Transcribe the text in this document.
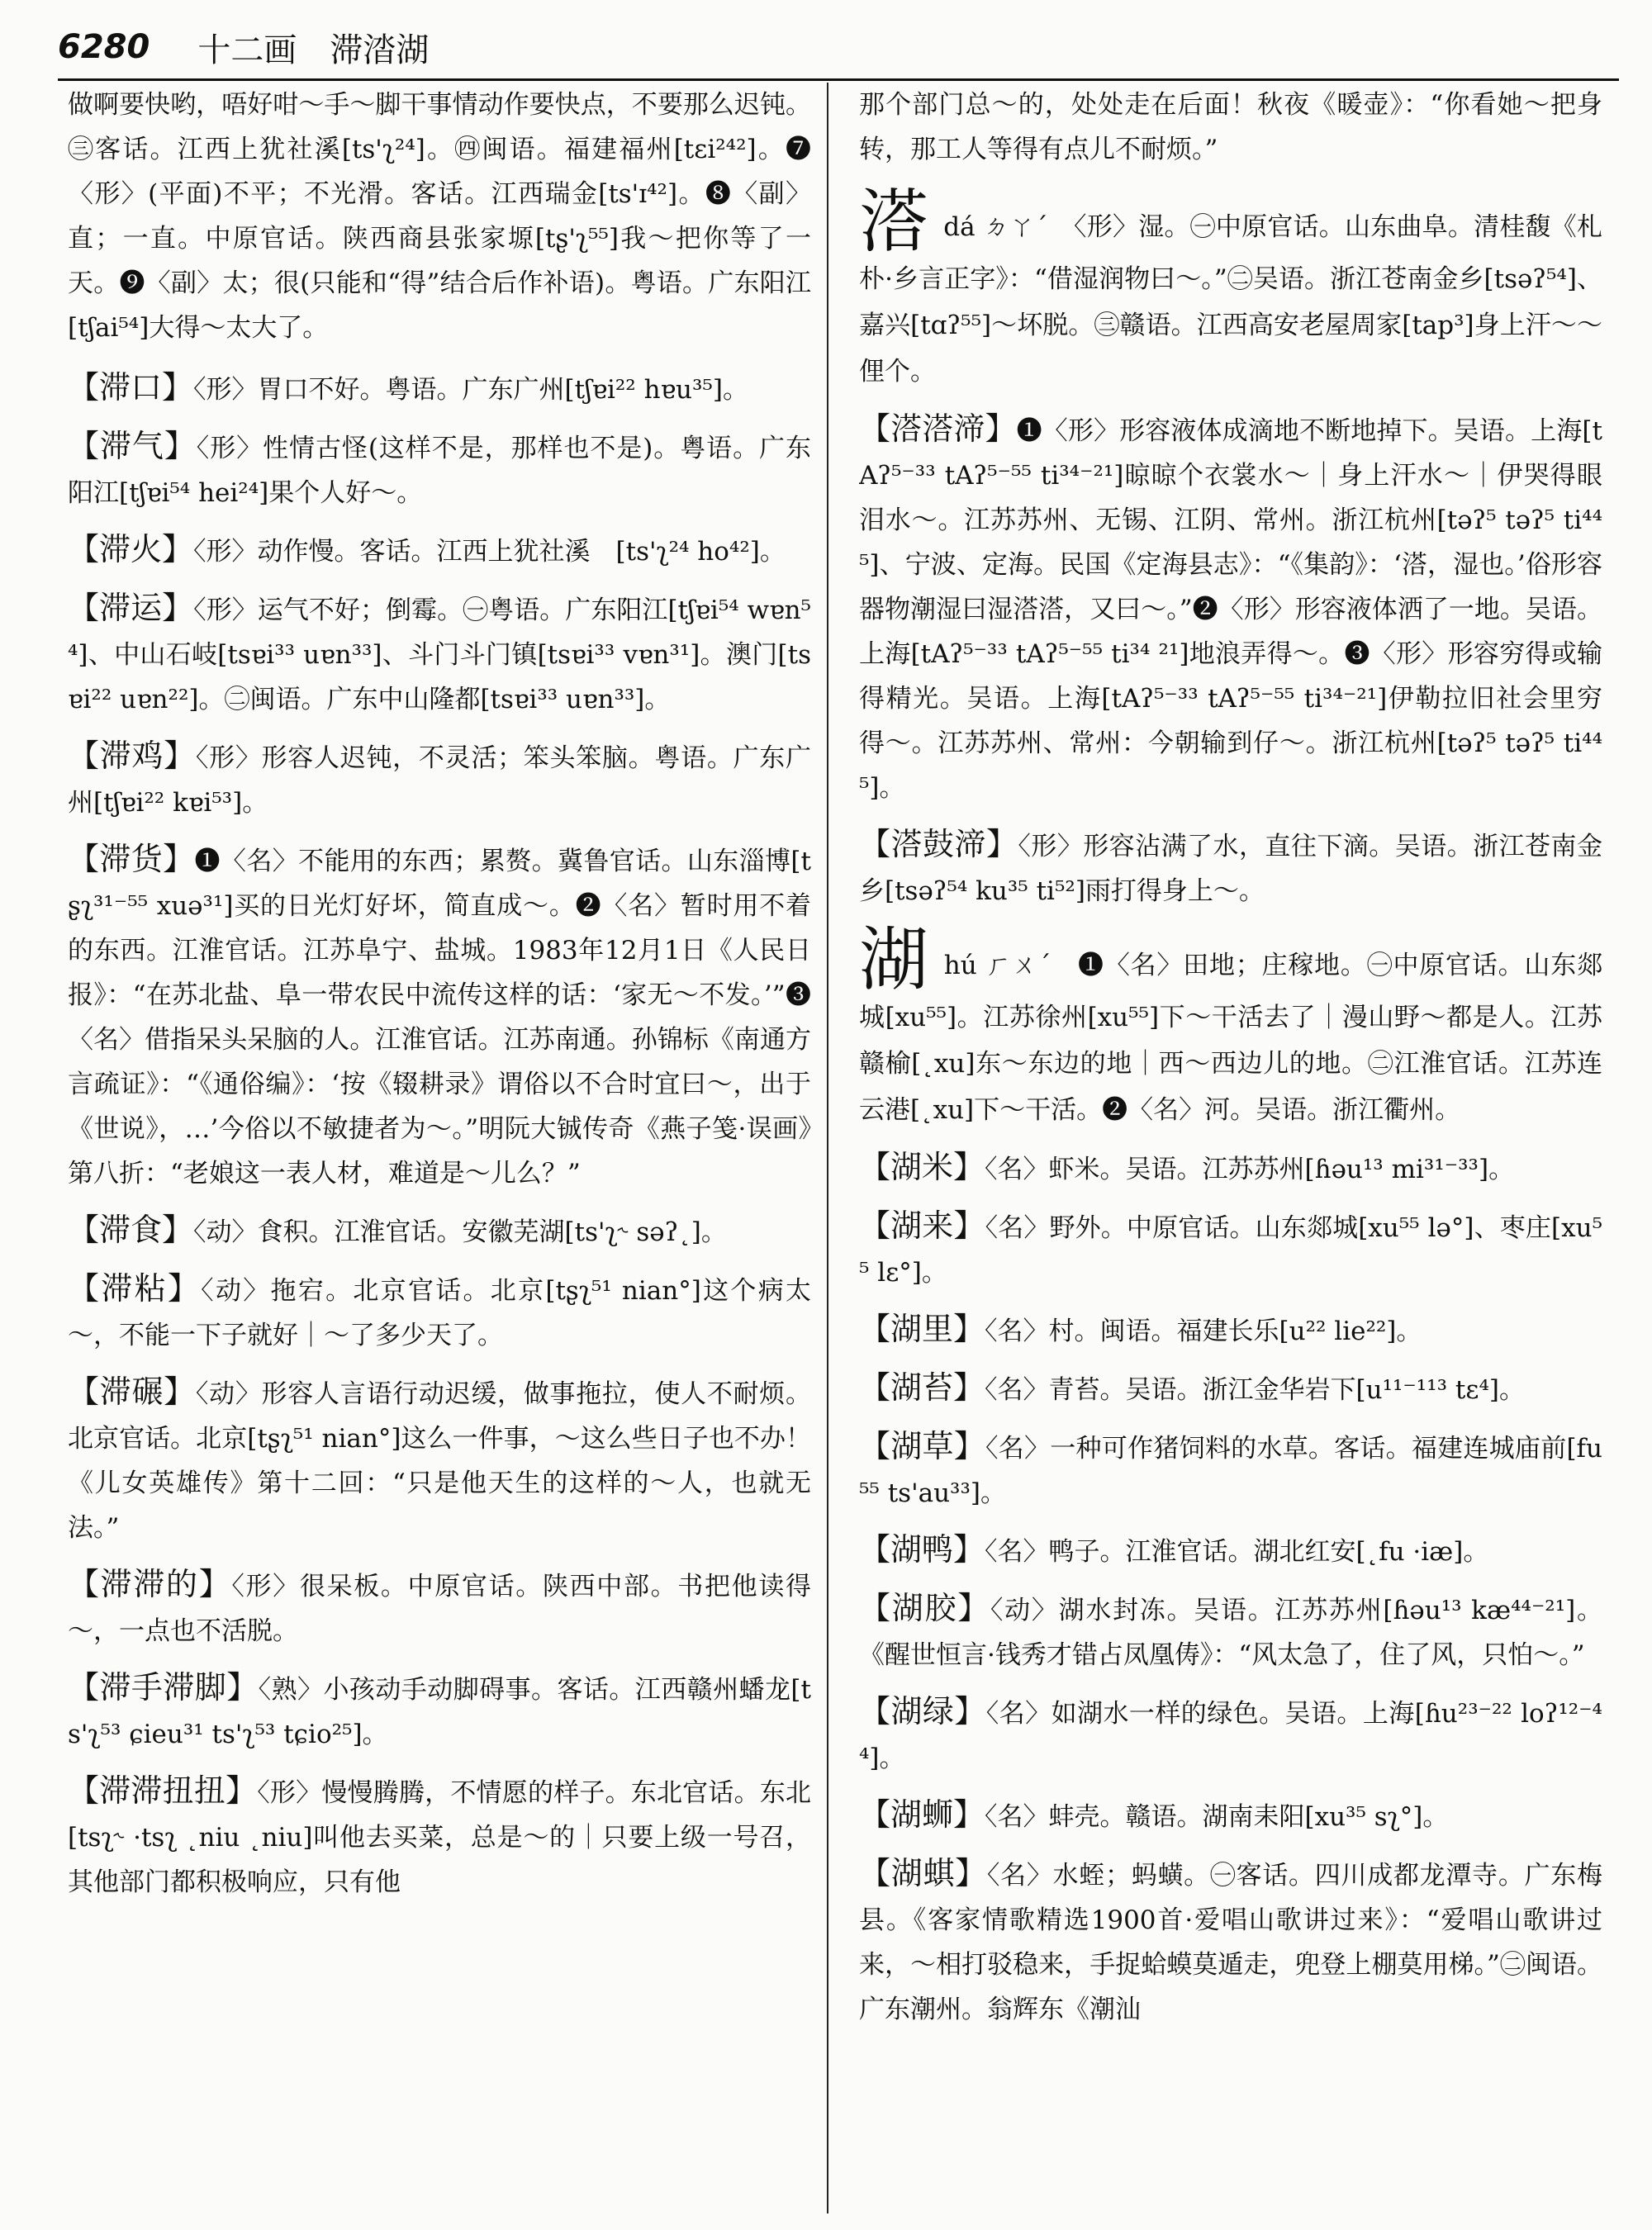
6280 十二画　滞涾湖

做啊要快哟，唔好咁～手～脚干事情动作要快点，不要那么迟钝。㊂客话。江西上犹社溪[ts'ʅ²⁴]。㊃闽语。福建福州[tɛi²⁴²]。❼〈形〉(平面)不平；不光滑。客话。江西瑞金[ts'ɪ⁴²]。❽〈副〉直；一直。中原官话。陕西商县张家塬[tʂ'ʅ⁵⁵]我～把你等了一天。❾〈副〉太；很(只能和“得”结合后作补语)。粤语。广东阳江[tʃai⁵⁴]大得～太大了。

【滞口】〈形〉胃口不好。粤语。广东广州[tʃɐi²² hɐu³⁵]。

【滞气】〈形〉性情古怪(这样不是，那样也不是)。粤语。广东阳江[tʃɐi⁵⁴ hei²⁴]果个人好～。

【滞火】〈形〉动作慢。客话。江西上犹社溪　[ts'ʅ²⁴ ho⁴²]。

【滞运】〈形〉运气不好；倒霉。㊀粤语。广东阳江[tʃɐi⁵⁴ wɐn⁵⁴]、中山石岐[tsɐi³³ uɐn³³]、斗门斗门镇[tsɐi³³ vɐn³¹]。澳门[tsɐi²² uɐn²²]。㊁闽语。广东中山隆都[tsɐi³³ uɐn³³]。

【滞鸡】〈形〉形容人迟钝，不灵活；笨头笨脑。粤语。广东广州[tʃɐi²² kɐi⁵³]。

【滞货】❶〈名〉不能用的东西；累赘。冀鲁官话。山东淄博[tʂʅ³¹⁻⁵⁵ xuə³¹]买的日光灯好坏，简直成～。❷〈名〉暂时用不着的东西。江淮官话。江苏阜宁、盐城。1983年12月1日《人民日报》：“在苏北盐、阜一带农民中流传这样的话：‘家无～不发。’”❸〈名〉借指呆头呆脑的人。江淮官话。江苏南通。孙锦标《南通方言疏证》：“《通俗编》：‘按《辍耕录》谓俗以不合时宜曰～，出于《世说》，…’今俗以不敏捷者为～。”明阮大铖传奇《燕子笺·误画》第八折：“老娘这一表人材，难道是～儿么？”

【滞食】〈动〉食积。江淮官话。安徽芜湖[ts'ʅ˞ səʔ˛]。

【滞粘】〈动〉拖宕。北京官话。北京[tʂʅ⁵¹ nian°]这个病太～，不能一下子就好｜～了多少天了。

【滞碾】〈动〉形容人言语行动迟缓，做事拖拉，使人不耐烦。北京官话。北京[tʂʅ⁵¹ nian°]这么一件事，～这么些日子也不办！《儿女英雄传》第十二回：“只是他天生的这样的～人，也就无法。”

【滞滞的】〈形〉很呆板。中原官话。陕西中部。书把他读得～，一点也不活脱。

【滞手滞脚】〈熟〉小孩动手动脚碍事。客话。江西赣州蟠龙[ts'ʅ⁵³ ɕieu³¹ ts'ʅ⁵³ tɕio²⁵]。

【滞滞扭扭】〈形〉慢慢腾腾，不情愿的样子。东北官话。东北[tsʅ˞ ·tsʅ ˛niu ˛niu]叫他去买菜，总是～的｜只要上级一号召，其他部门都积极响应，只有他

那个部门总～的，处处走在后面！秋夜《暖壶》：“你看她～把身转，那工人等得有点儿不耐烦。”

溚dá ㄉㄚˊ　 〈形〉湿。㊀中原官话。山东曲阜。清桂馥《札朴·乡言正字》：“借湿润物曰～。”㊁吴语。浙江苍南金乡[tsəʔ⁵⁴]、嘉兴[tɑʔ⁵⁵]～坏脱。㊂赣语。江西高安老屋周家[tap³]身上汗～～俚个。

【溚溚渧】❶〈形〉形容液体成滴地不断地掉下。吴语。上海[tAʔ⁵⁻³³ tAʔ⁵⁻⁵⁵ ti³⁴⁻²¹]晾晾个衣裳水～｜身上汗水～｜伊哭得眼泪水～。江苏苏州、无锡、江阴、常州。浙江杭州[təʔ⁵ təʔ⁵ ti⁴⁴⁵]、宁波、定海。民国《定海县志》：“《集韵》：‘溚，湿也。’俗形容器物潮湿曰湿溚溚，又曰～。”❷〈形〉形容液体洒了一地。吴语。上海[tAʔ⁵⁻³³ tAʔ⁵⁻⁵⁵ ti³⁴ ²¹]地浪弄得～。❸〈形〉形容穷得或输得精光。吴语。上海[tAʔ⁵⁻³³ tAʔ⁵⁻⁵⁵ ti³⁴⁻²¹]伊勒拉旧社会里穷得～。江苏苏州、常州：今朝输到仔～。浙江杭州[təʔ⁵ təʔ⁵ ti⁴⁴⁵]。

【溚鼓渧】〈形〉形容沾满了水，直往下滴。吴语。浙江苍南金乡[tsəʔ⁵⁴ ku³⁵ ti⁵²]雨打得身上～。

湖hú ㄏㄨˊ　 ❶〈名〉田地；庄稼地。㊀中原官话。山东郯城[xu⁵⁵]。江苏徐州[xu⁵⁵]下～干活去了｜漫山野～都是人。江苏赣榆[˛xu]东～东边的地｜西～西边儿的地。㊁江淮官话。江苏连云港[˛xu]下～干活。❷〈名〉河。吴语。浙江衢州。

【湖米】〈名〉虾米。吴语。江苏苏州[ɦəu¹³ mi³¹⁻³³]。

【湖来】〈名〉野外。中原官话。山东郯城[xu⁵⁵ lə°]、枣庄[xu⁵⁵ lɛ°]。

【湖里】〈名〉村。闽语。福建长乐[u²² lie²²]。

【湖苔】〈名〉青苔。吴语。浙江金华岩下[u¹¹⁻¹¹³ tɛ⁴]。

【湖草】〈名〉一种可作猪饲料的水草。客话。福建连城庙前[fu⁵⁵ ts'au³³]。

【湖鸭】〈名〉鸭子。江淮官话。湖北红安[˛fu ·iæ]。

【湖胶】〈动〉湖水封冻。吴语。江苏苏州[ɦəu¹³ kæ⁴⁴⁻²¹]。《醒世恒言·钱秀才错占凤凰俦》：“风太急了，住了风，只怕～。”

【湖绿】〈名〉如湖水一样的绿色。吴语。上海[ɦu²³⁻²² loʔ¹²⁻⁴⁴]。

【湖蛳】〈名〉蚌壳。赣语。湖南耒阳[xu³⁵ sʅ°]。

【湖蜞】〈名〉水蛭；蚂蟥。㊀客话。四川成都龙潭寺。广东梅县。《客家情歌精选1900首·爱唱山歌讲过来》：“爱唱山歌讲过来，～相打驳稳来，手捉蛤蟆莫遁走，兜登上棚莫用梯。”㊁闽语。广东潮州。翁辉东《潮汕
